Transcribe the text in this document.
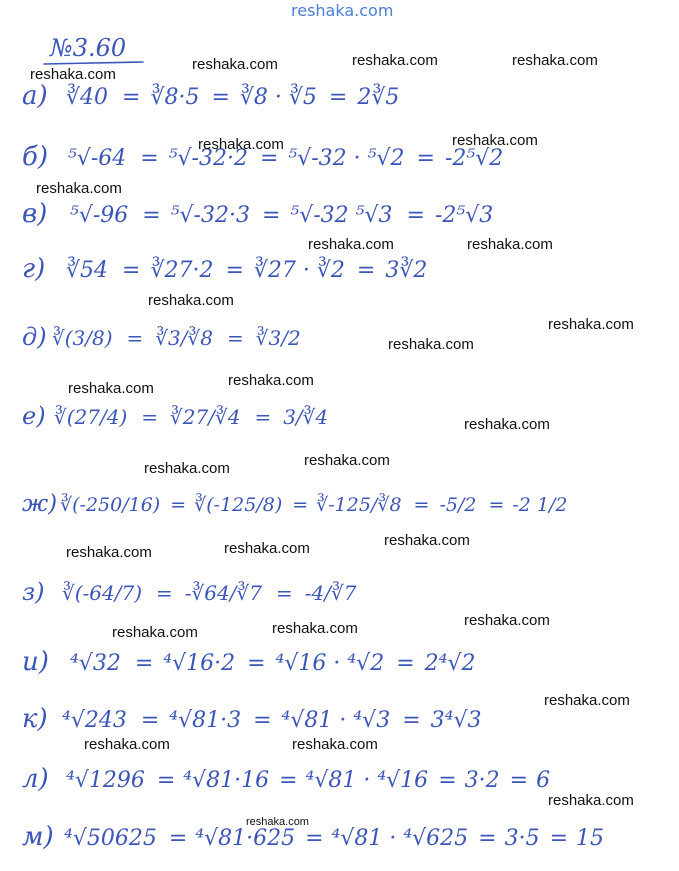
reshaka.com
№3.60
а) ∛40 = ∛8·5 = ∛8 · ∛5 = 2∛5
б) ⁵√-64 = ⁵√-32·2 = ⁵√-32 · ⁵√2 = -2⁵√2
в) ⁵√-96 = ⁵√-32·3 = ⁵√-32 ⁵√3 = -2⁵√3
г) ∛54 = ∛27·2 = ∛27 · ∛2 = 3∛2
д) ∛(3/8) = ∛3/∛8 = ∛3/2
е) ∛(27/4) = ∛27/∛4 = 3/∛4
ж) ∛(-250/16) = ∛(-125/8) = ∛-125/∛8 = -5/2 = -2 1/2
з) ∛(-64/7) = -∛64/∛7 = -4/∛7
и) ⁴√32 = ⁴√16·2 = ⁴√16 · ⁴√2 = 2⁴√2
к) ⁴√243 = ⁴√81·3 = ⁴√81 · ⁴√3 = 3⁴√3
л) ⁴√1296 = ⁴√81·16 = ⁴√81 · ⁴√16 = 3·2 = 6
м) ⁴√50625 = ⁴√81·625 = ⁴√81 · ⁴√625 = 3·5 = 15
reshaka.com
reshaka.com	reshaka.com	reshaka.com
reshaka.com	reshaka.com
reshaka.com
reshaka.com	reshaka.com
reshaka.com
reshaka.com
reshaka.com
reshaka.com	reshaka.com
reshaka.com
reshaka.com	reshaka.com
reshaka.com	reshaka.com	reshaka.com
reshaka.com	reshaka.com	reshaka.com
reshaka.com
reshaka.com	reshaka.com
reshaka.com
reshaka.com
